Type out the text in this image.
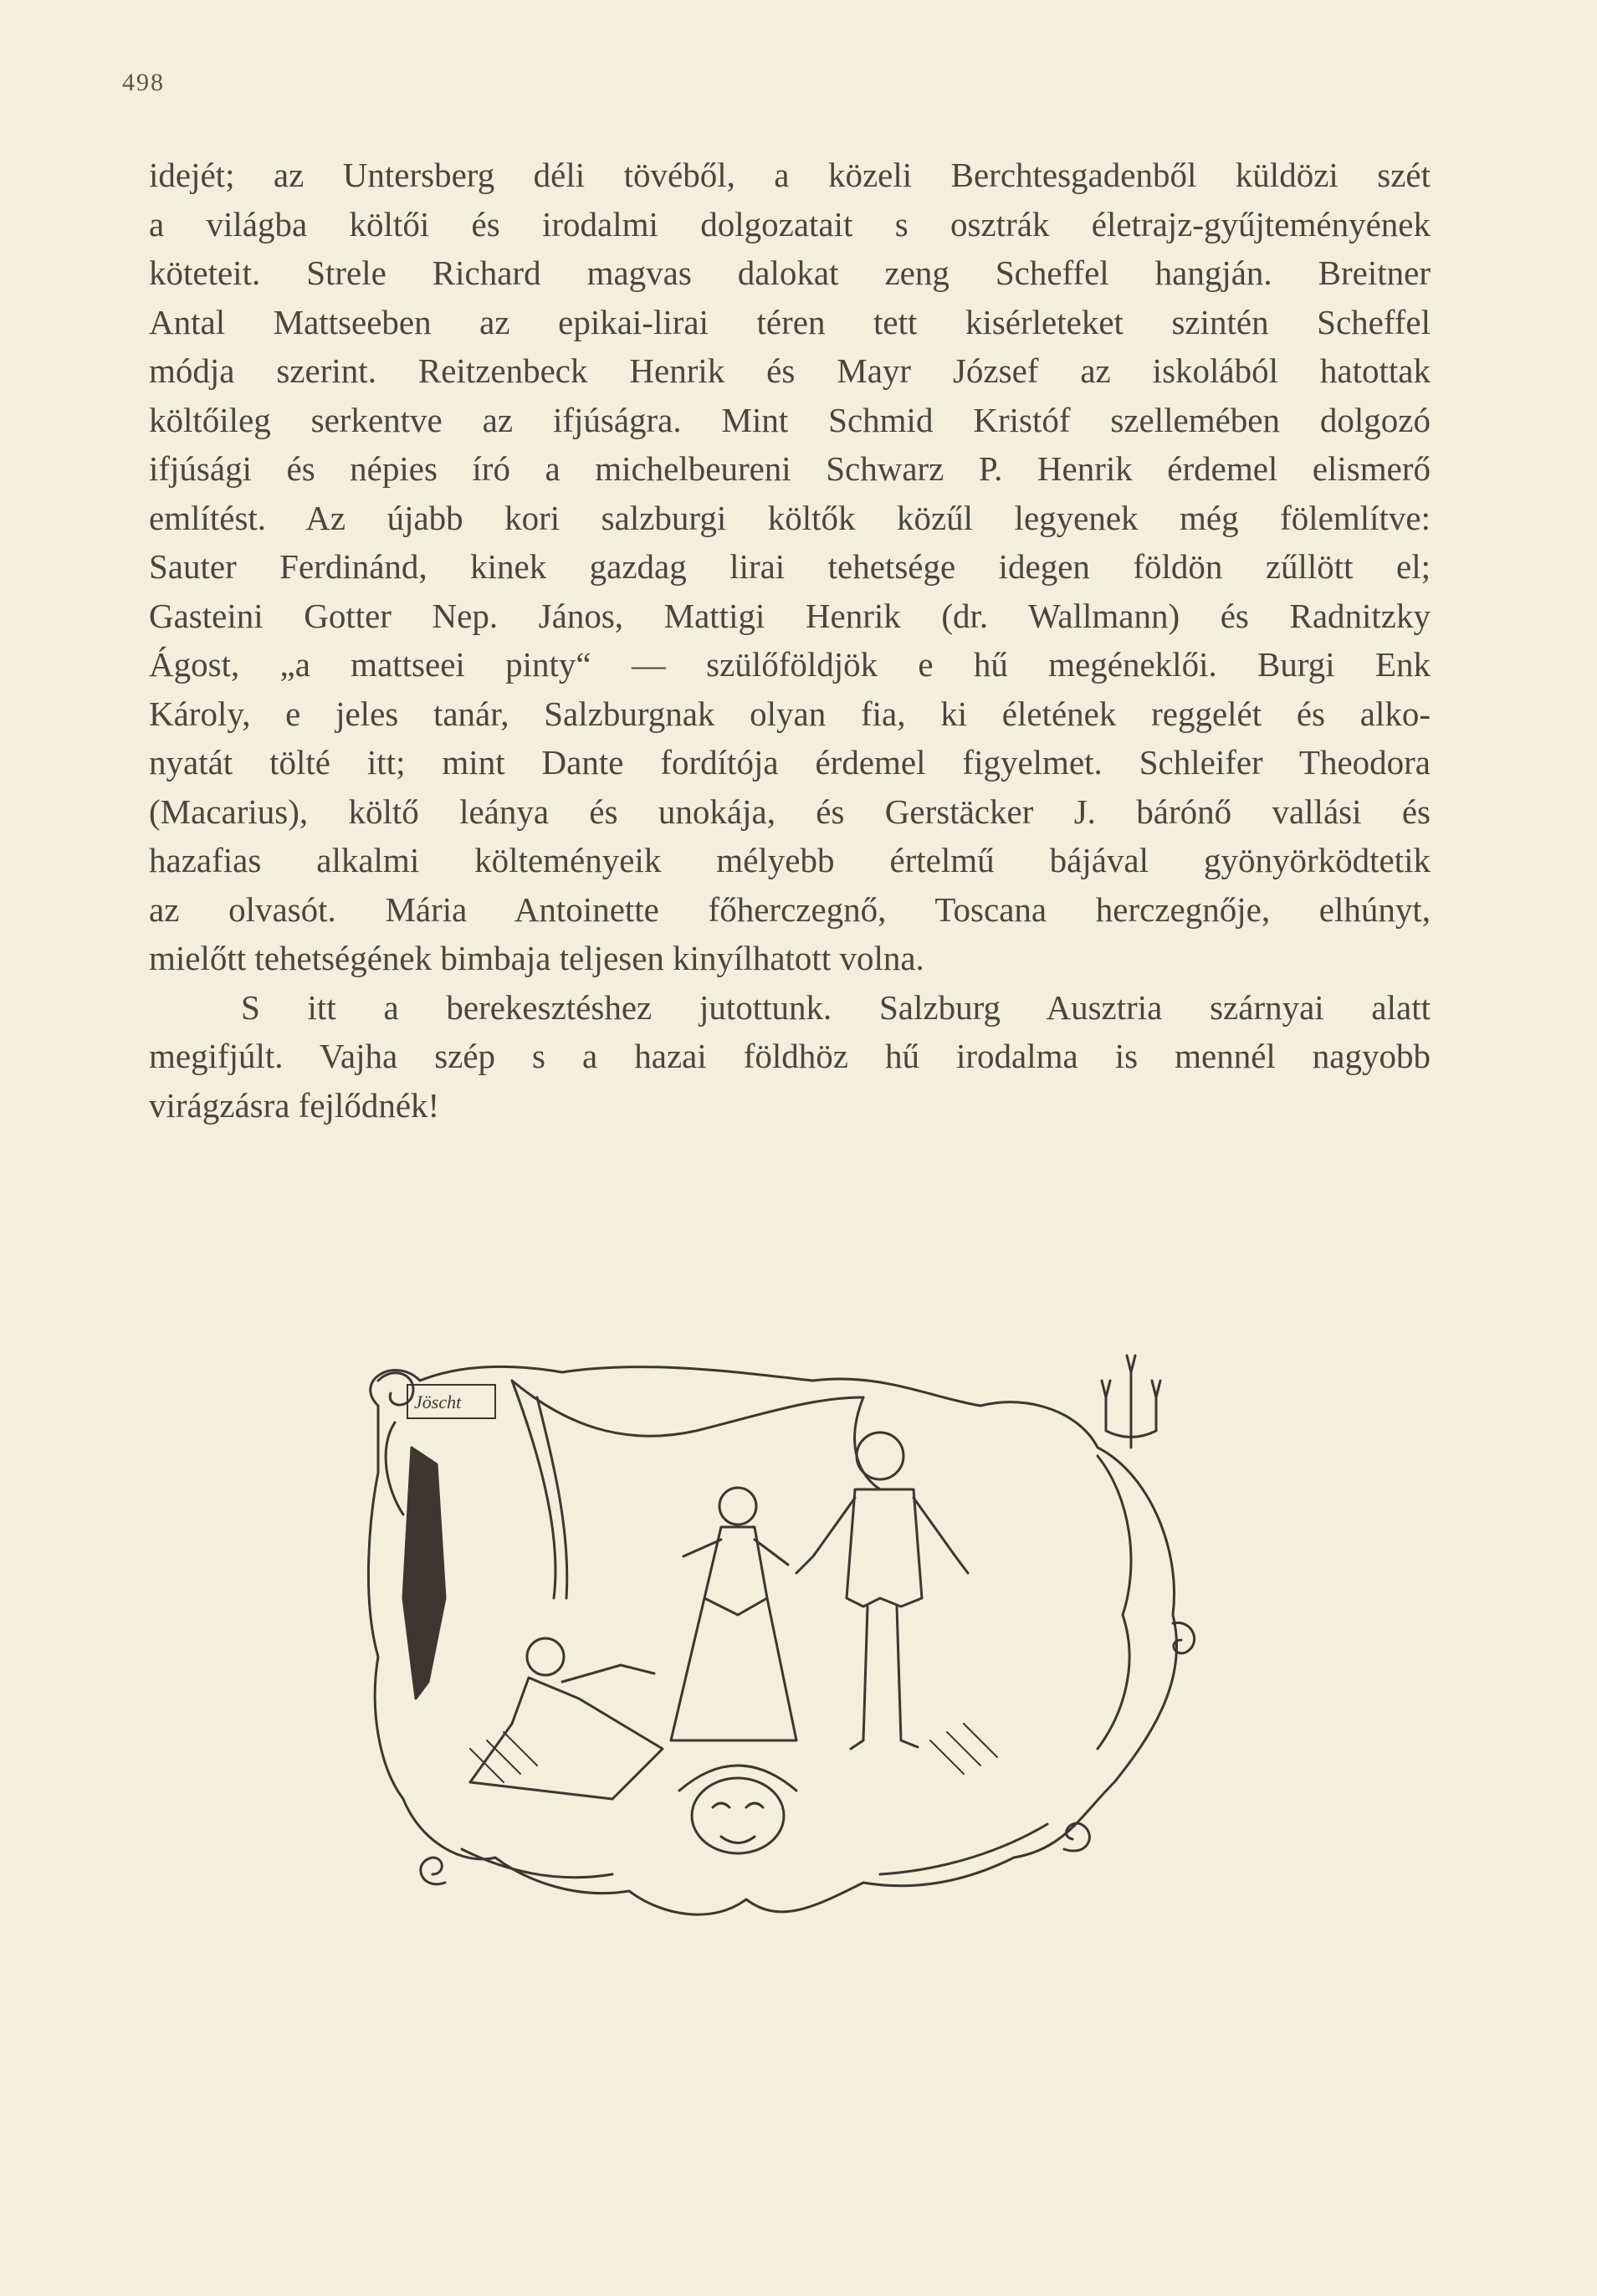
498
idejét; az Untersberg déli tövéből, a közeli Berchtesgadenből küldözi szét
a világba költői és irodalmi dolgozatait s osztrák életrajz-gyűjteményének
köteteit. Strele Richard magvas dalokat zeng Scheffel hangján. Breitner
Antal Mattseeben az epikai-lirai téren tett kisérleteket szintén Scheffel
módja szerint. Reitzenbeck Henrik és Mayr József az iskolából hatottak
költőileg serkentve az ifjúságra. Mint Schmid Kristóf szellemében dolgozó
ifjúsági és népies író a michelbeureni Schwarz P. Henrik érdemel elismerő
említést. Az újabb kori salzburgi költők közűl legyenek még fölemlítve:
Sauter Ferdinánd, kinek gazdag lirai tehetsége idegen földön zűllött el;
Gasteini Gotter Nep. János, Mattigi Henrik (dr. Wallmann) és Radnitzky
Ágost, „a mattseei pinty“ — szülőföldjök e hű megéneklői. Burgi Enk
Károly, e jeles tanár, Salzburgnak olyan fia, ki életének reggelét és alko-
nyatát tölté itt; mint Dante fordítója érdemel figyelmet. Schleifer Theodora
(Macarius), költő leánya és unokája, és Gerstäcker J. bárónő vallási és
hazafias alkalmi költeményeik mélyebb értelmű bájával gyönyörködtetik
az olvasót. Mária Antoinette főherczegnő, Toscana herczegnője, elhúnyt,
mielőtt tehetségének bimbaja teljesen kinyílhatott volna.
S itt a berekesztéshez jutottunk. Salzburg Ausztria szárnyai alatt
megifjúlt. Vajha szép s a hazai földhöz hű irodalma is mennél nagyobb
virágzásra fejlődnék!
Jöscht
